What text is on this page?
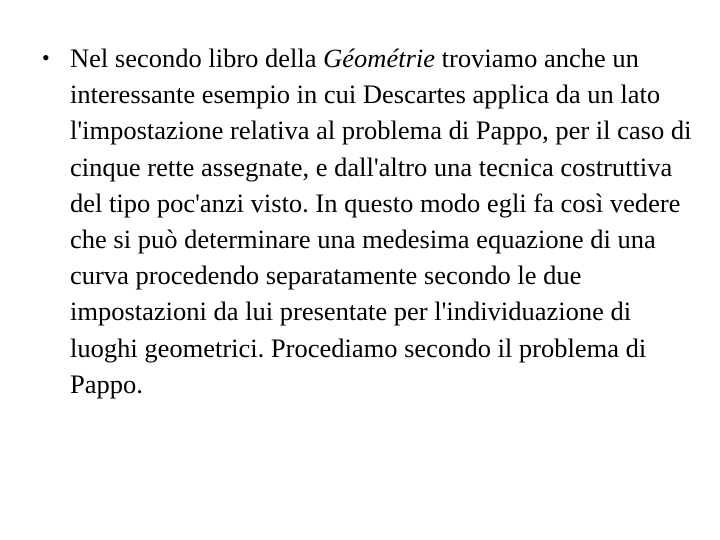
• Nel secondo libro della Géométrie troviamo anche un interessante esempio in cui Descartes applica da un lato l'impostazione relativa al problema di Pappo, per il caso di cinque rette assegnate, e dall'altro una tecnica costruttiva del tipo poc'anzi visto. In questo modo egli fa così vedere che si può determinare una medesima equazione di una curva procedendo separatamente secondo le due impostazioni da lui presentate per l'individuazione di luoghi geometrici. Procediamo secondo il problema di Pappo.
